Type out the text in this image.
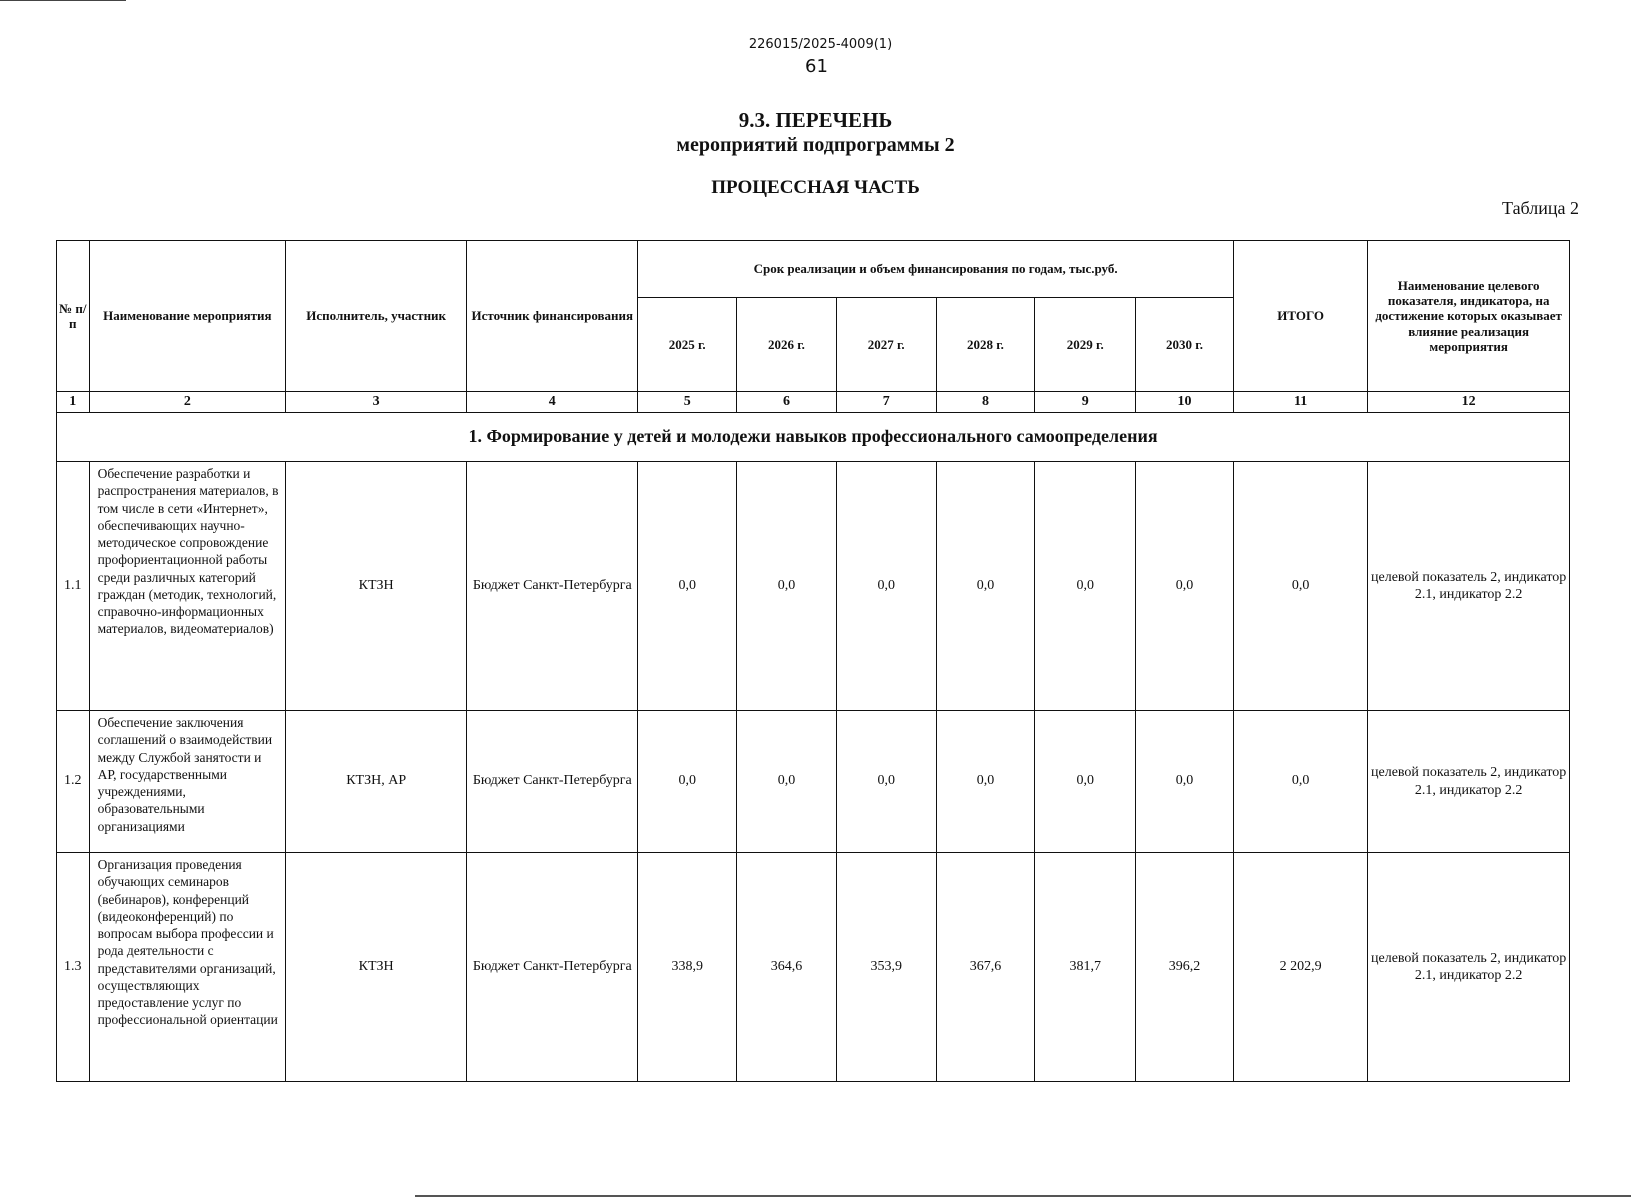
226015/2025-4009(1)
61
9.3. ПЕРЕЧЕНЬ
мероприятий подпрограммы 2
ПРОЦЕССНАЯ ЧАСТЬ
Таблица 2
№ п/п	Наименование мероприятия	Исполнитель, участник	Источник финансирования	Срок реализации и объем финансирования по годам, тыс.руб.						ИТОГО	Наименование целевого показателя, индикатора, на достижение которых оказывает влияние реализация мероприятия
				2025 г.	2026 г.	2027 г.	2028 г.	2029 г.	2030 г.		
1	2	3	4	5	6	7	8	9	10	11	12
1. Формирование у детей и молодежи навыков профессионального самоопределения											
1.1	Обеспечение разработки и распространения материалов, в том числе в сети «Интернет», обеспечивающих научно-методическое сопровождение профориентационной работы среди различных категорий граждан (методик, технологий, справочно-информационных материалов, видеоматериалов)	КТЗН	Бюджет Санкт-Петербурга	0,0	0,0	0,0	0,0	0,0	0,0	0,0	целевой показатель 2, индикатор 2.1, индикатор 2.2
1.2	Обеспечение заключения соглашений о взаимодействии между Службой занятости и АР, государственными учреждениями, образовательными организациями	КТЗН, АР	Бюджет Санкт-Петербурга	0,0	0,0	0,0	0,0	0,0	0,0	0,0	целевой показатель 2, индикатор 2.1, индикатор 2.2
1.3	Организация проведения обучающих семинаров (вебинаров), конференций (видеоконференций) по вопросам выбора профессии и рода деятельности с представителями организаций, осуществляющих предоставление услуг по профессиональной ориентации	КТЗН	Бюджет Санкт-Петербурга	338,9	364,6	353,9	367,6	381,7	396,2	2 202,9	целевой показатель 2, индикатор 2.1, индикатор 2.2
